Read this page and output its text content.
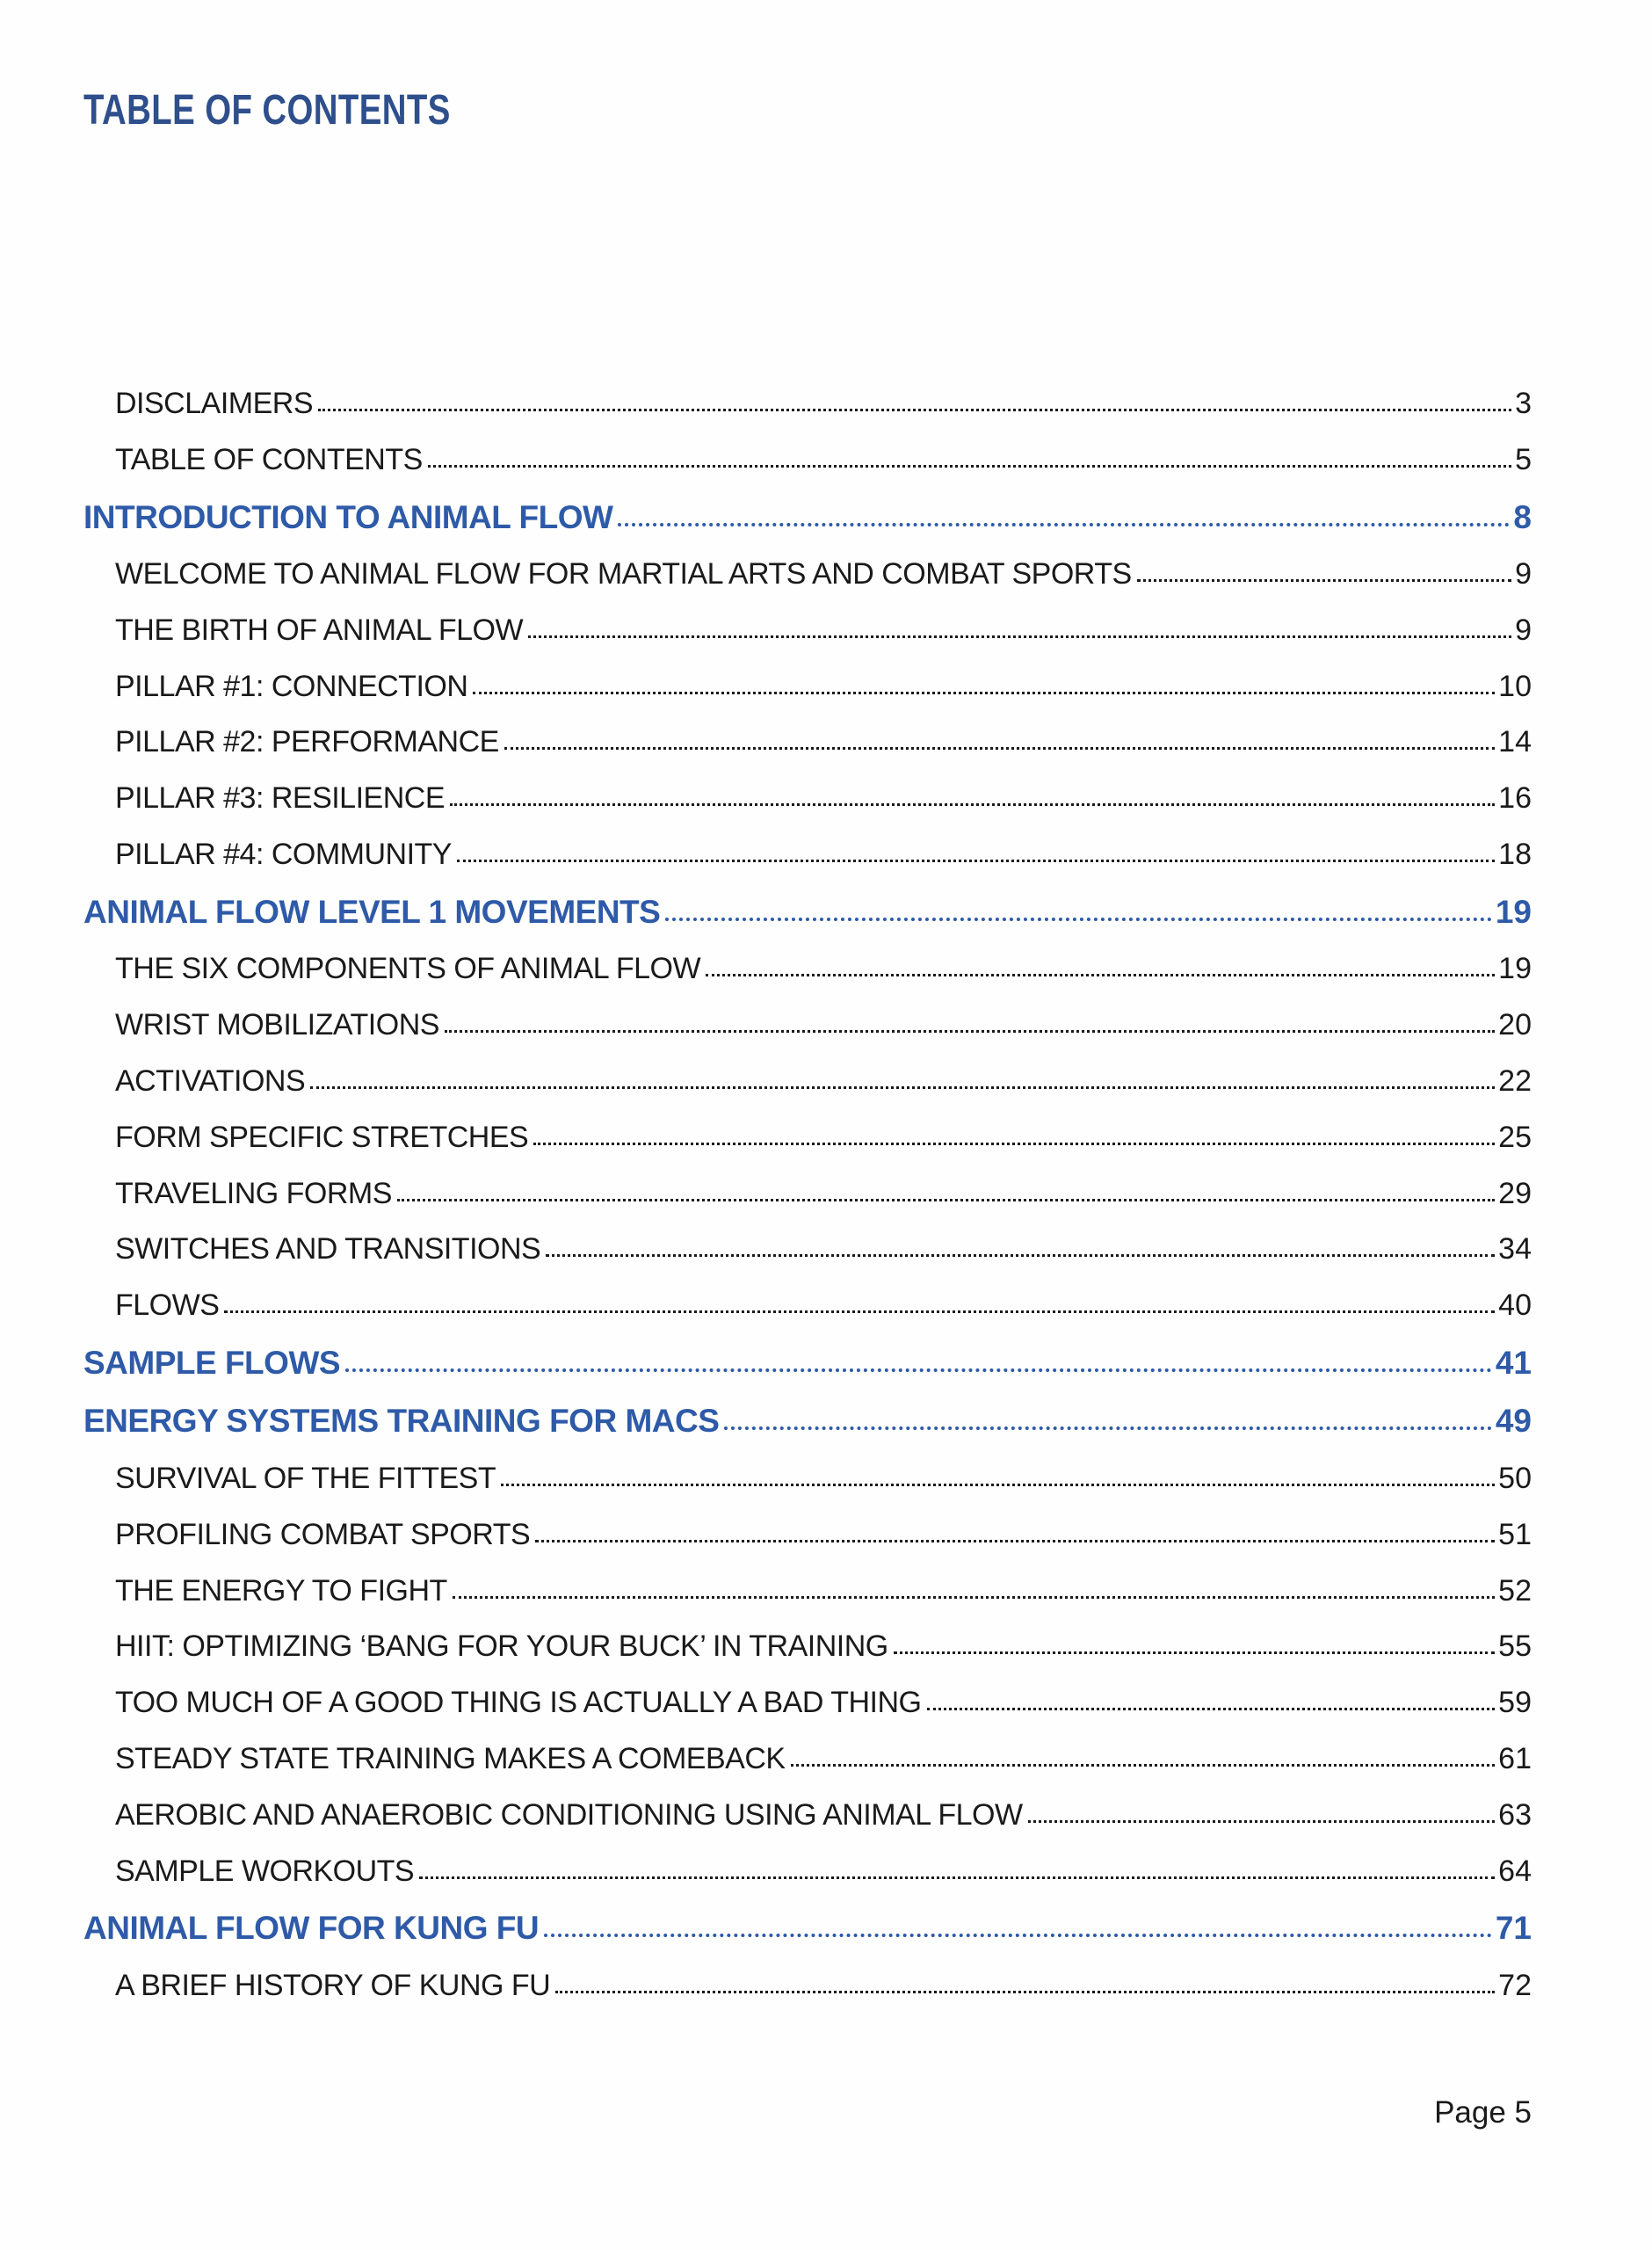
TABLE OF CONTENTS
DISCLAIMERS	3
TABLE OF CONTENTS	5
INTRODUCTION TO ANIMAL FLOW	8
WELCOME TO ANIMAL FLOW FOR MARTIAL ARTS AND COMBAT SPORTS	9
THE BIRTH OF ANIMAL FLOW	9
PILLAR #1: CONNECTION	10
PILLAR #2: PERFORMANCE	14
PILLAR #3: RESILIENCE	16
PILLAR #4: COMMUNITY	18
ANIMAL FLOW LEVEL 1 MOVEMENTS	19
THE SIX COMPONENTS OF ANIMAL FLOW	19
WRIST MOBILIZATIONS	20
ACTIVATIONS	22
FORM SPECIFIC STRETCHES	25
TRAVELING FORMS	29
SWITCHES AND TRANSITIONS	34
FLOWS	40
SAMPLE FLOWS	41
ENERGY SYSTEMS TRAINING FOR MACS	49
SURVIVAL OF THE FITTEST	50
PROFILING COMBAT SPORTS	51
THE ENERGY TO FIGHT	52
HIIT: OPTIMIZING ‘BANG FOR YOUR BUCK’ IN TRAINING	55
TOO MUCH OF A GOOD THING IS ACTUALLY A BAD THING	59
STEADY STATE TRAINING MAKES A COMEBACK	61
AEROBIC AND ANAEROBIC CONDITIONING USING ANIMAL FLOW	63
SAMPLE WORKOUTS	64
ANIMAL FLOW FOR KUNG FU	71
A BRIEF HISTORY OF KUNG FU	72
Page 5
